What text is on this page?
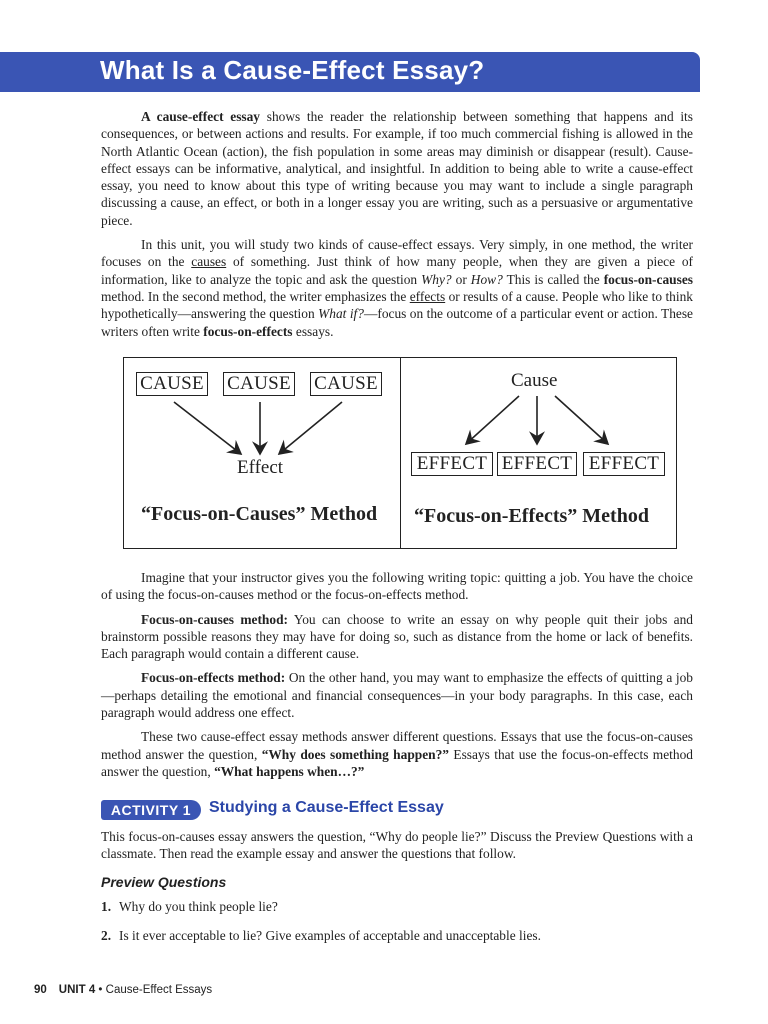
What Is a Cause-Effect Essay?

A cause-effect essay shows the reader the relationship between something that happens and its consequences, or between actions and results. For example, if too much commercial fishing is allowed in the North Atlantic Ocean (action), the fish population in some areas may diminish or disappear (result). Cause-effect essays can be informative, analytical, and insightful. In addition to being able to write a cause-effect essay, you need to know about this type of writing because you may want to include a single paragraph discussing a cause, an effect, or both in a longer essay you are writing, such as a persuasive or argumentative piece.

In this unit, you will study two kinds of cause-effect essays. Very simply, in one method, the writer focuses on the causes of something. Just think of how many people, when they are given a piece of information, like to analyze the topic and ask the question Why? or How? This is called the focus-on-causes method. In the second method, the writer emphasizes the effects or results of a cause. People who like to think hypothetically—answering the question What if?—focus on the outcome of a particular event or action. These writers often write focus-on-effects essays.

CAUSE CAUSE CAUSE
Effect
“Focus-on-Causes” Method
Cause
EFFECT EFFECT EFFECT
“Focus-on-Effects” Method

Imagine that your instructor gives you the following writing topic: quitting a job. You have the choice of using the focus-on-causes method or the focus-on-effects method.

Focus-on-causes method: You can choose to write an essay on why people quit their jobs and brainstorm possible reasons they may have for doing so, such as distance from the home or lack of benefits. Each paragraph would contain a different cause.

Focus-on-effects method: On the other hand, you may want to emphasize the effects of quitting a job—perhaps detailing the emotional and financial consequences—in your body paragraphs. In this case, each paragraph would address one effect.

These two cause-effect essay methods answer different questions. Essays that use the focus-on-causes method answer the question, “Why does something happen?” Essays that use the focus-on-effects method answer the question, “What happens when…?”

ACTIVITY 1	Studying a Cause-Effect Essay

This focus-on-causes essay answers the question, “Why do people lie?” Discuss the Preview Questions with a classmate. Then read the example essay and answer the questions that follow.

Preview Questions
1. Why do you think people lie?
2. Is it ever acceptable to lie? Give examples of acceptable and unacceptable lies.
90 UNIT 4 • Cause-Effect Essays
